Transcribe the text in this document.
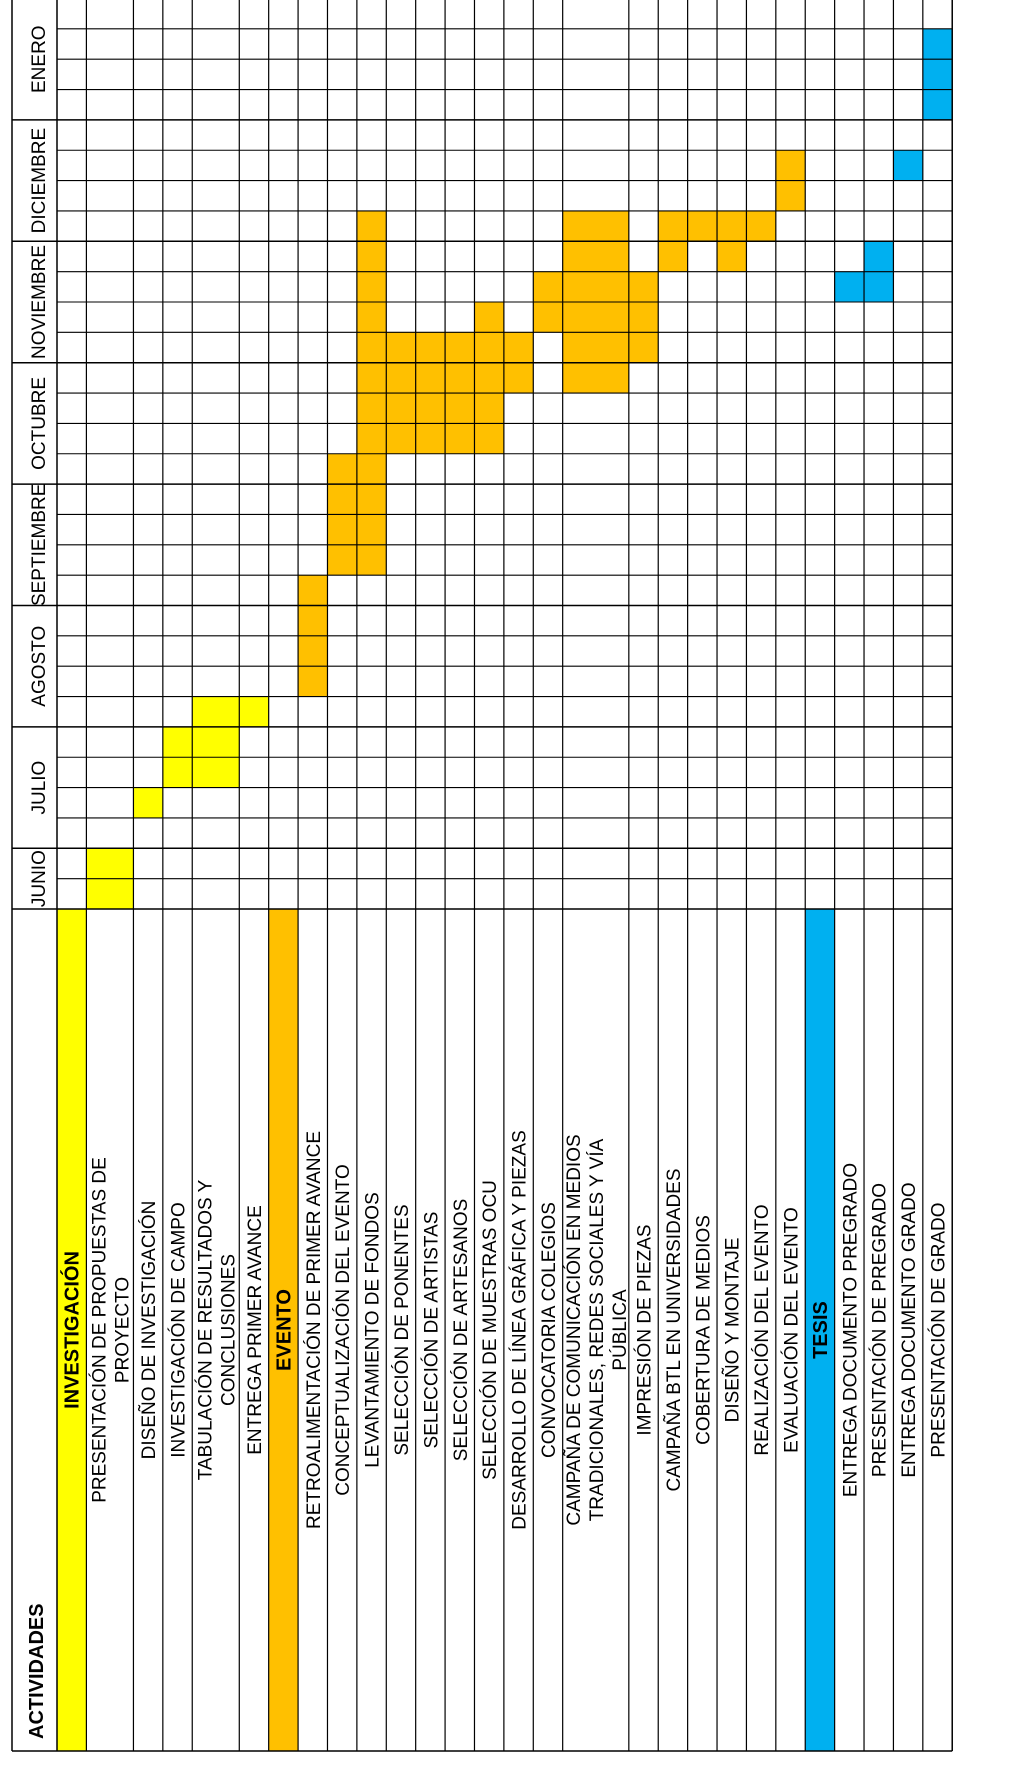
ACTIVIDADES
JUNIO
JULIO
AGOSTO
SEPTIEMBRE
OCTUBRE
NOVIEMBRE
DICIEMBRE
ENERO
INVESTIGACIÓN PRESENTACIÓN DE PROPUESTAS DE PROYECTO DISEÑO DE INVESTIGACIÓN INVESTIGACIÓN DE CAMPO TABULACIÓN DE RESULTADOS Y CONCLUSIONES ENTREGA PRIMER AVANCE EVENTO RETROALIMENTACIÓN DE PRIMER AVANCE CONCEPTUALIZACIÓN DEL EVENTO LEVANTAMIENTO DE FONDOS SELECCIÓN DE PONENTES SELECCIÓN DE ARTISTAS SELECCIÓN DE ARTESANOS SELECCIÓN DE MUESTRAS OCU DESARROLLO DE LÍNEA GRÁFICA Y PIEZAS CONVOCATORIA COLEGIOS CAMPAÑA DE COMUNICACIÓN EN MEDIOS TRADICIONALES, REDES SOCIALES Y VÍA PÚBLICA IMPRESIÓN DE PIEZAS CAMPAÑA BTL EN UNIVERSIDADES COBERTURA DE MEDIOS DISEÑO Y MONTAJE REALIZACIÓN DEL EVENTO EVALUACIÓN DEL EVENTO TESIS ENTREGA DOCUMENTO PREGRADO PRESENTACIÓN DE PREGRADO ENTREGA DOCUMENTO GRADO PRESENTACIÓN DE GRADO
